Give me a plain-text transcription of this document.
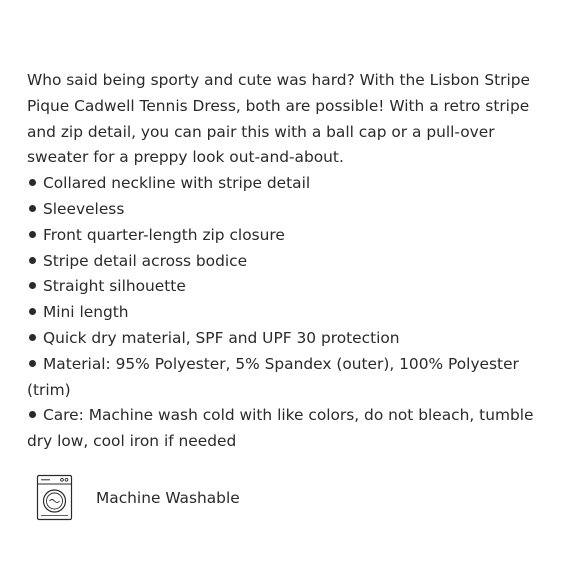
Who said being sporty and cute was hard? With the Lisbon Stripe Pique Cadwell Tennis Dress, both are possible! With a retro stripe and zip detail, you can pair this with a ball cap or a pull-over sweater for a preppy look out-and-about.

Collared neckline with stripe detail
Sleeveless
Front quarter-length zip closure
Stripe detail across bodice
Straight silhouette
Mini length
Quick dry material, SPF and UPF 30 protection
Material: 95% Polyester, 5% Spandex (outer), 100% Polyester (trim)
Care: Machine wash cold with like colors, do not bleach, tumble dry low, cool iron if needed
Machine Washable
